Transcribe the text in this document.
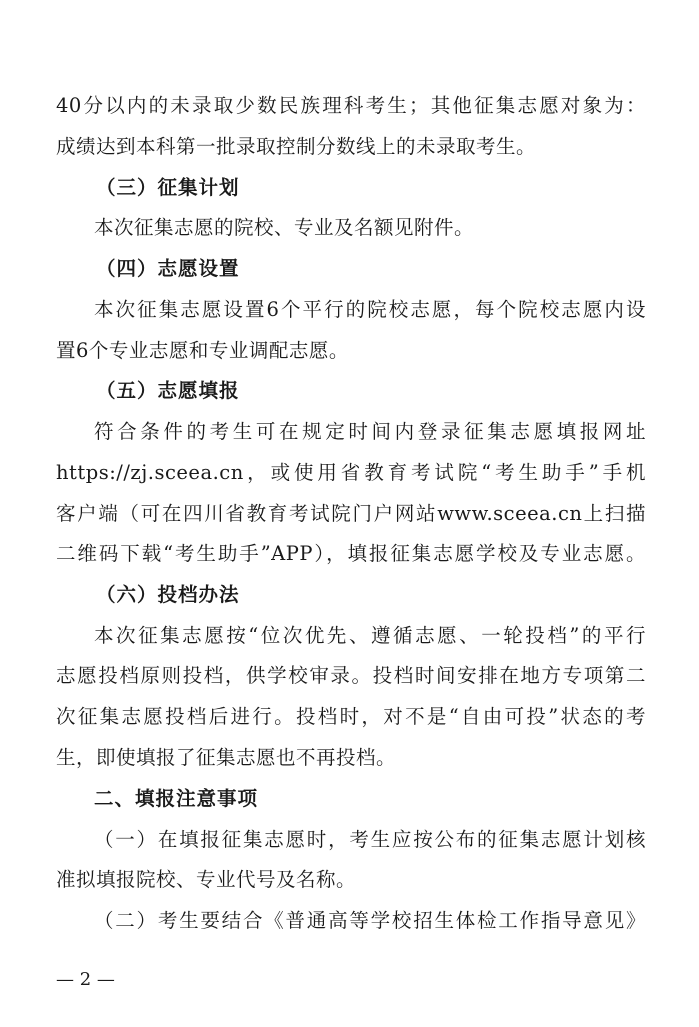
40分以内的未录取少数民族理科考生；其他征集志愿对象为：
成绩达到本科第一批录取控制分数线上的未录取考生。
（三）征集计划
本次征集志愿的院校、专业及名额见附件。
（四）志愿设置
本次征集志愿设置6个平行的院校志愿，每个院校志愿内设
置6个专业志愿和专业调配志愿。
（五）志愿填报
符合条件的考生可在规定时间内登录征集志愿填报网址
https://zj.sceea.cn，或使用省教育考试院“考生助手”手机
客户端（可在四川省教育考试院门户网站www.sceea.cn上扫描
二维码下载“考生助手”APP），填报征集志愿学校及专业志愿。
（六）投档办法
本次征集志愿按“位次优先、遵循志愿、一轮投档”的平行
志愿投档原则投档，供学校审录。投档时间安排在地方专项第二
次征集志愿投档后进行。投档时，对不是“自由可投”状态的考
生，即使填报了征集志愿也不再投档。
二、填报注意事项
（一）在填报征集志愿时，考生应按公布的征集志愿计划核
准拟填报院校、专业代号及名称。
（二）考生要结合《普通高等学校招生体检工作指导意见》
— 2 —
